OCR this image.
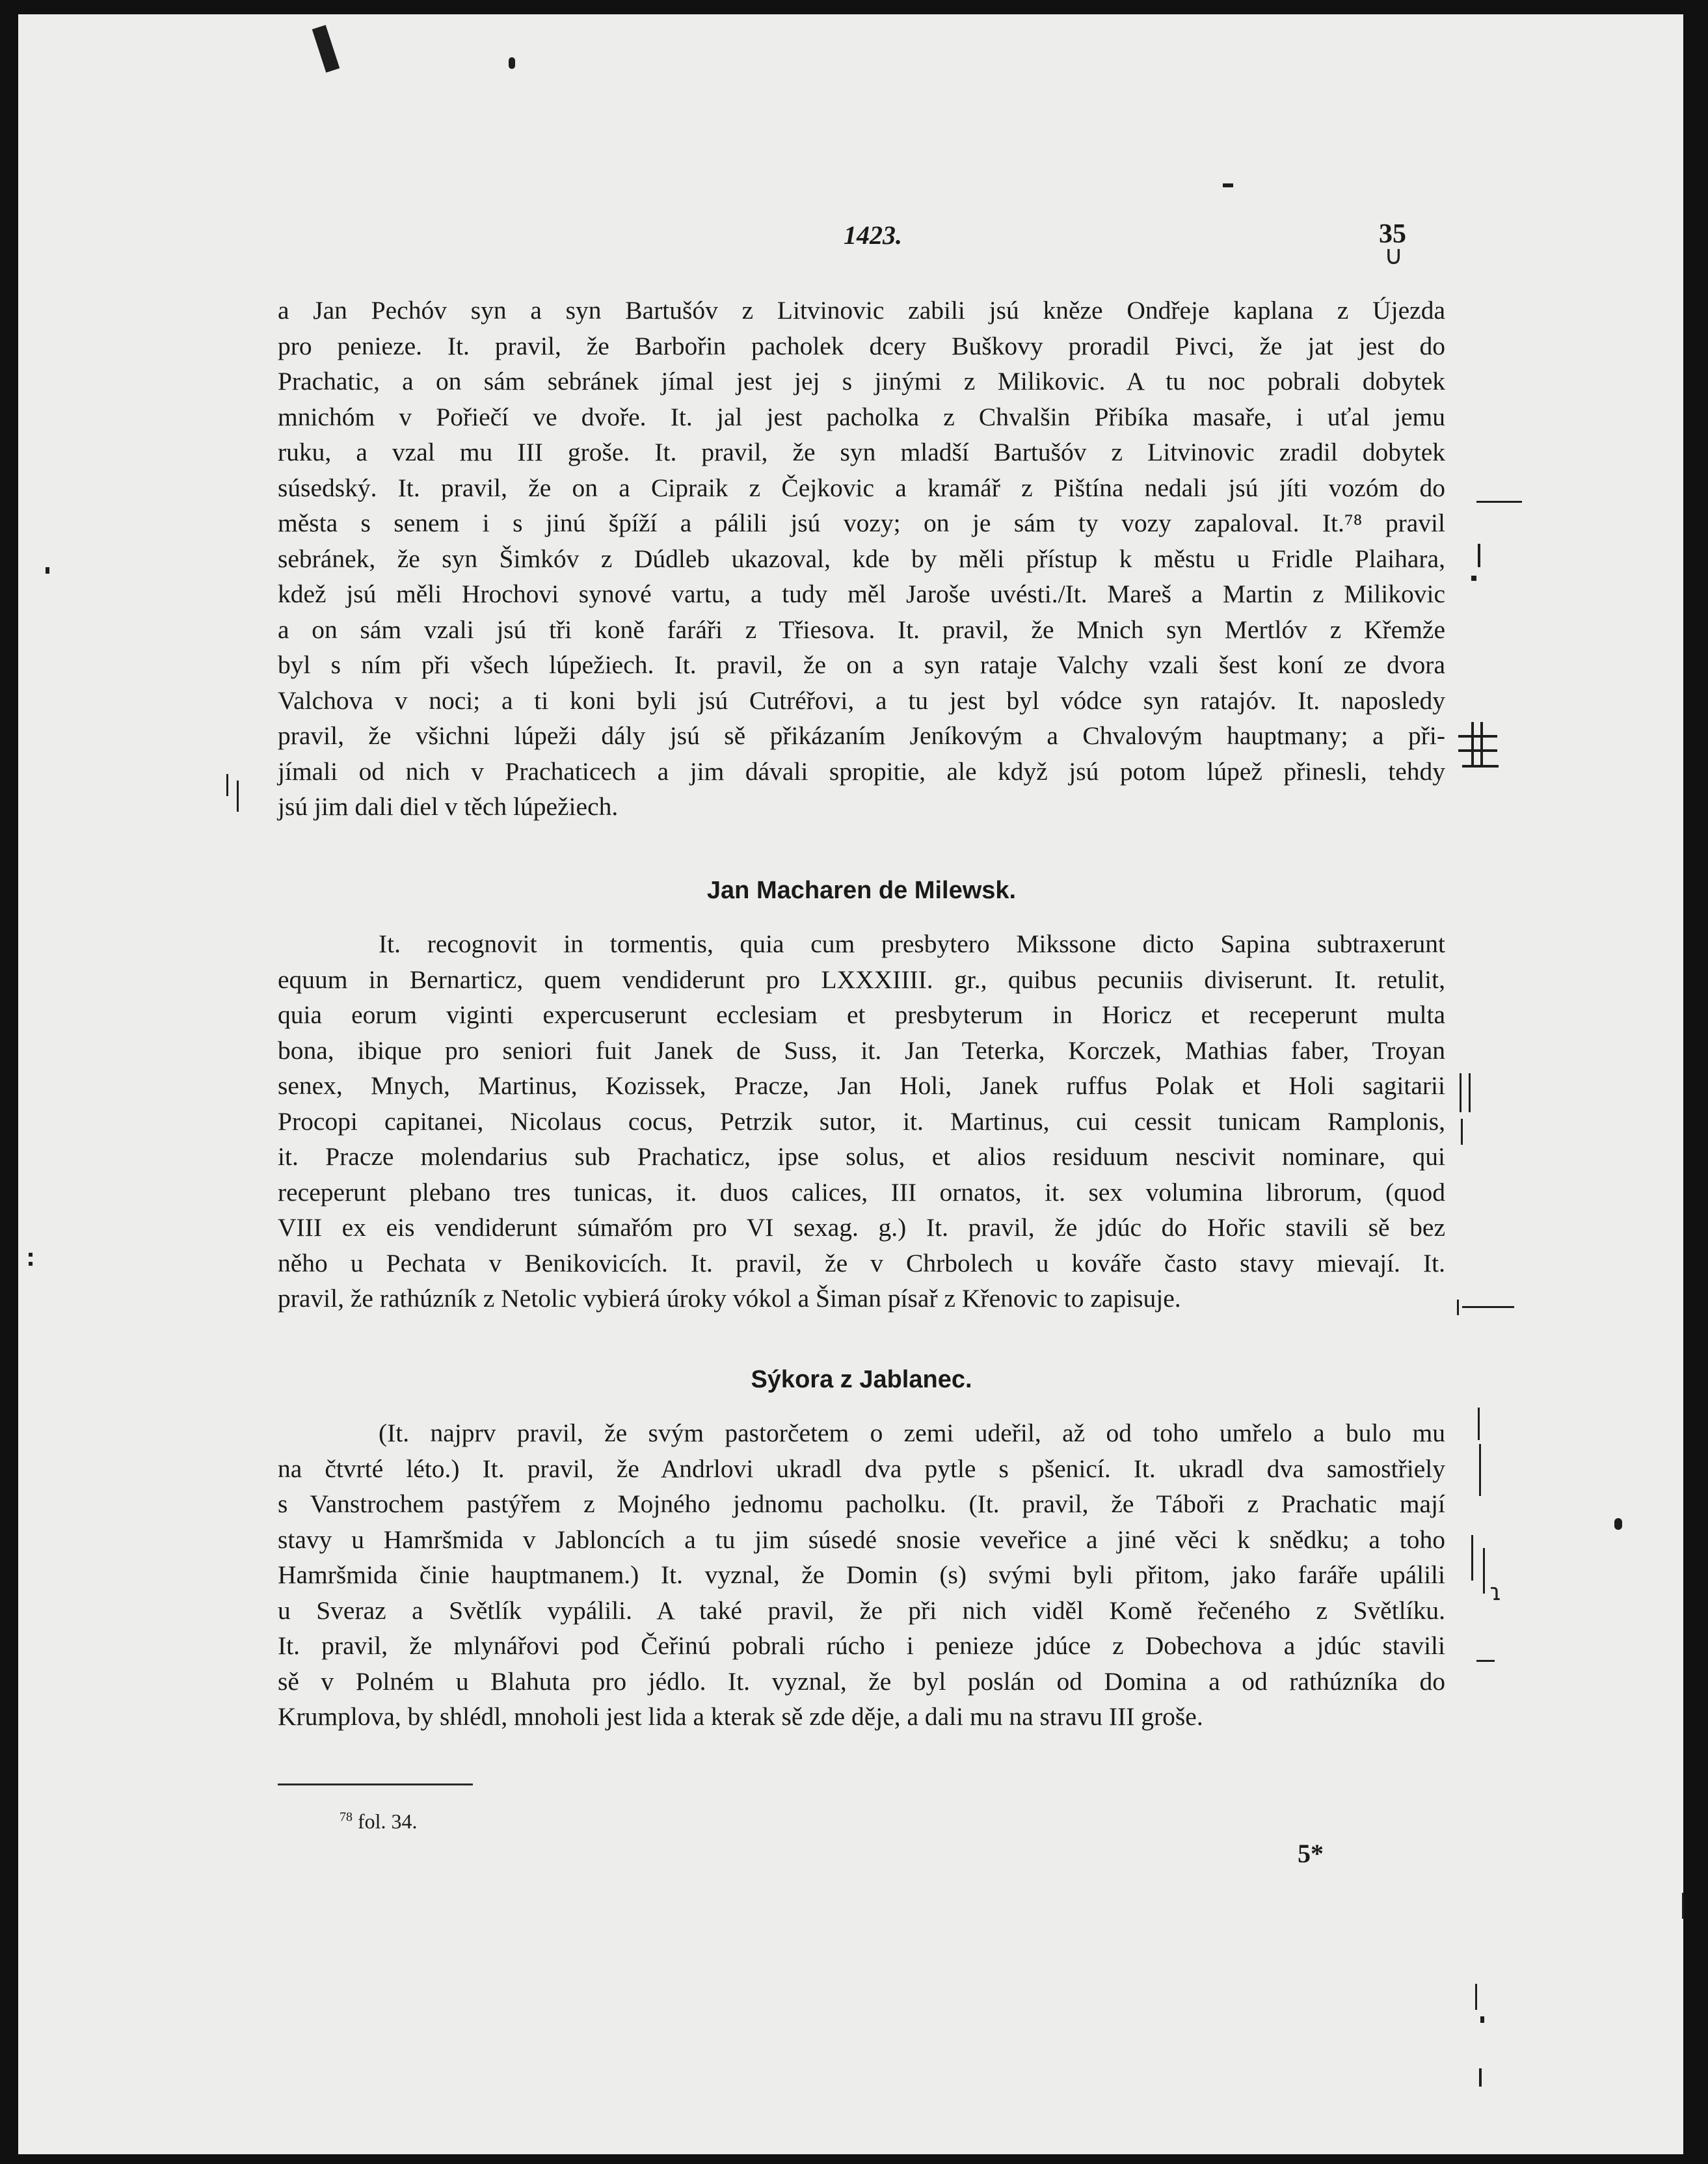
1423.	35
∪
a Jan Pechóv syn a syn Bartušóv z Litvinovic zabili jsú kněze Ondřeje kaplana z Újezda
pro penieze. It. pravil, že Barbořin pacholek dcery Buškovy proradil Pivci, že jat jest do
Prachatic, a on sám sebránek jímal jest jej s jinými z Milikovic. A tu noc pobrali dobytek
mnichóm v Pořiečí ve dvoře. It. jal jest pacholka z Chvalšin Přibíka masaře, i uťal jemu
ruku, a vzal mu III groše. It. pravil, že syn mladší Bartušóv z Litvinovic zradil dobytek
súsedský. It. pravil, že on a Cipraik z Čejkovic a kramář z Pištína nedali jsú jíti vozóm do
města s senem i s jinú špíží a pálili jsú vozy; on je sám ty vozy zapaloval. It.⁷⁸ pravil
sebránek, že syn Šimkóv z Dúdleb ukazoval, kde by měli přístup k městu u Fridle Plaihara,
kdež jsú měli Hrochovi synové vartu, a tudy měl Jaroše uvésti./It. Mareš a Martin z Milikovic
a on sám vzali jsú tři koně faráři z Třiesova. It. pravil, že Mnich syn Mertlóv z Křemže
byl s ním při všech lúpežiech. It. pravil, že on a syn rataje Valchy vzali šest koní ze dvora
Valchova v noci; a ti koni byli jsú Cutréřovi, a tu jest byl vódce syn ratajóv. It. naposledy
pravil, že všichni lúpeži dály jsú sě přikázaním Jeníkovým a Chvalovým hauptmany; a při-
jímali od nich v Prachaticech a jim dávali spropitie, ale když jsú potom lúpež přinesli, tehdy
jsú jim dali diel v těch lúpežiech.
Jan Macharen de Milewsk.
It. recognovit in tormentis, quia cum presbytero Mikssone dicto Sapina subtraxerunt
equum in Bernarticz, quem vendiderunt pro LXXXIIII. gr., quibus pecuniis diviserunt. It. retulit,
quia eorum viginti expercuserunt ecclesiam et presbyterum in Horicz et receperunt multa
bona, ibique pro seniori fuit Janek de Suss, it. Jan Teterka, Korczek, Mathias faber, Troyan
senex, Mnych, Martinus, Kozissek, Pracze, Jan Holi, Janek ruffus Polak et Holi sagitarii
Procopi capitanei, Nicolaus cocus, Petrzik sutor, it. Martinus, cui cessit tunicam Ramplonis,
it. Pracze molendarius sub Prachaticz, ipse solus, et alios residuum nescivit nominare, qui
receperunt plebano tres tunicas, it. duos calices, III ornatos, it. sex volumina librorum, (quod
VIII ex eis vendiderunt súmařóm pro VI sexag. g.) It. pravil, že jdúc do Hořic stavili sě bez
něho u Pechata v Benikovicích. It. pravil, že v Chrbolech u kováře často stavy mievají. It.
pravil, že rathúzník z Netolic vybierá úroky vókol a Šiman písař z Křenovic to zapisuje.
Sýkora z Jablanec.
(It. najprv pravil, že svým pastorčetem o zemi udeřil, až od toho umřelo a bulo mu
na čtvrté léto.) It. pravil, že Andrlovi ukradl dva pytle s pšenicí. It. ukradl dva samostřiely
s Vanstrochem pastýřem z Mojného jednomu pacholku. (It. pravil, že Táboři z Prachatic mají
stavy u Hamršmida v Jabloncích a tu jim súsedé snosie veveřice a jiné věci k snědku; a toho
Hamršmida činie hauptmanem.) It. vyznal, že Domin (s) svými byli přitom, jako faráře upálili
u Sveraz a Světlík vypálili. A také pravil, že při nich viděl Komě řečeného z Světlíku.
It. pravil, že mlynářovi pod Čeřinú pobrali rúcho i penieze jdúce z Dobechova a jdúc stavili
sě v Polném u Blahuta pro jédlo. It. vyznal, že byl poslán od Domina a od rathúzníka do
Krumplova, by shlédl, mnoholi jest lida a kterak sě zde děje, a dali mu na stravu III groše.
$^{78}$ fol. 34.
5*
ɿ
